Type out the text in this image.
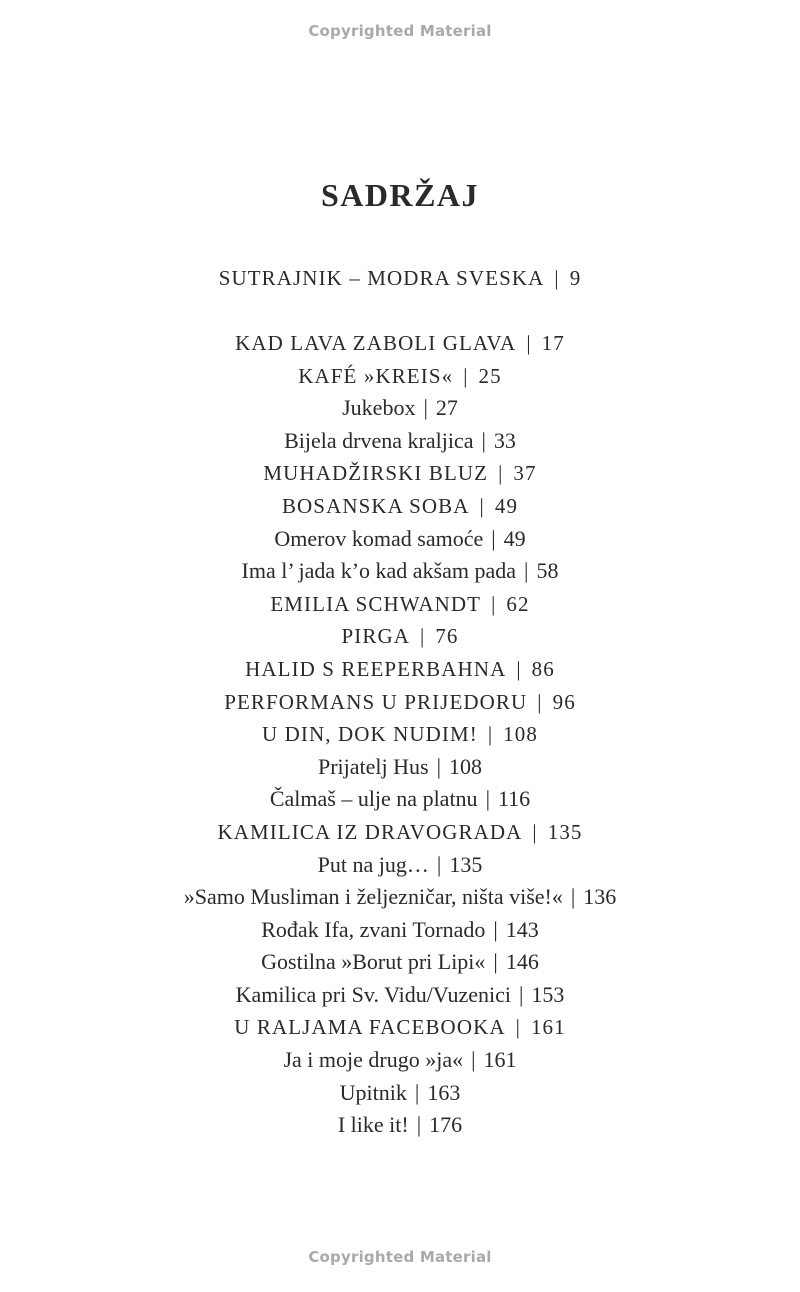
Copyrighted Material
SADRŽAJ
SUTRAJNIK – MODRA SVESKA | 9
KAD LAVA ZABOLI GLAVA | 17
KAFÉ »KREIS« | 25
Jukebox | 27
Bijela drvena kraljica | 33
MUHADŽIRSKI BLUZ | 37
BOSANSKA SOBA | 49
Omerov komad samoće | 49
Ima l’ jada k’o kad akšam pada | 58
EMILIA SCHWANDT | 62
PIRGA | 76
HALID S REEPERBAHNA | 86
PERFORMANS U PRIJEDORU | 96
U DIN, DOK NUDIM! | 108
Prijatelj Hus | 108
Čalmaš – ulje na platnu | 116
KAMILICA IZ DRAVOGRADA | 135
Put na jug… | 135
»Samo Musliman i željezničar, ništa više!« | 136
Rođak Ifa, zvani Tornado | 143
Gostilna »Borut pri Lipi« | 146
Kamilica pri Sv. Vidu/Vuzenici | 153
U RALJAMA FACEBOOKA | 161
Ja i moje drugo »ja« | 161
Upitnik | 163
I like it! | 176
Copyrighted Material
